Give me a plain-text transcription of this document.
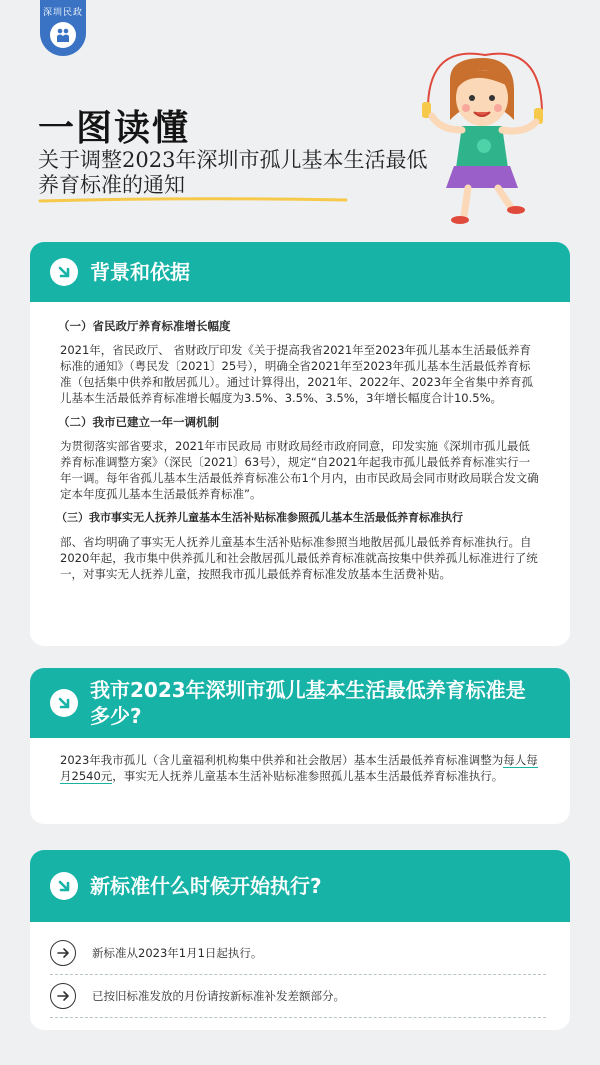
深圳民政
一图读懂
关于调整2023年深圳市孤儿基本生活最低养育标准的通知
背景和依据
（一）省民政厅养育标准增长幅度
2021年，省民政厅、 省财政厅印发《关于提高我省2021年至2023年孤儿基本生活最低养育标准的通知》（粤民发〔2021〕25号），明确全省2021年至2023年孤儿基本生活最低养育标准（包括集中供养和散居孤儿）。通过计算得出，2021年、2022年、2023年全省集中养育孤儿基本生活最低养育标准增长幅度为3.5%、3.5%、3.5%，3年增长幅度合计10.5%。
（二）我市已建立一年一调机制
为贯彻落实部省要求，2021年市民政局 市财政局经市政府同意，印发实施《深圳市孤儿最低养育标准调整方案》（深民〔2021〕63号），规定“自2021年起我市孤儿最低养育标准实行一年一调。每年省孤儿基本生活最低养育标准公布1个月内，由市民政局会同市财政局联合发文确定本年度孤儿基本生活最低养育标准”。
（三）我市事实无人抚养儿童基本生活补贴标准参照孤儿基本生活最低养育标准执行
部、省均明确了事实无人抚养儿童基本生活补贴标准参照当地散居孤儿最低养育标准执行。自2020年起，我市集中供养孤儿和社会散居孤儿最低养育标准就高按集中供养孤儿标准进行了统一，对事实无人抚养儿童，按照我市孤儿最低养育标准发放基本生活费补贴。
我市2023年深圳市孤儿基本生活最低养育标准是多少?
2023年我市孤儿（含儿童福利机构集中供养和社会散居）基本生活最低养育标准调整为每人每月2540元，事实无人抚养儿童基本生活补贴标准参照孤儿基本生活最低养育标准执行。
新标准什么时候开始执行?
新标准从2023年1月1日起执行。
已按旧标准发放的月份请按新标准补发差额部分。
